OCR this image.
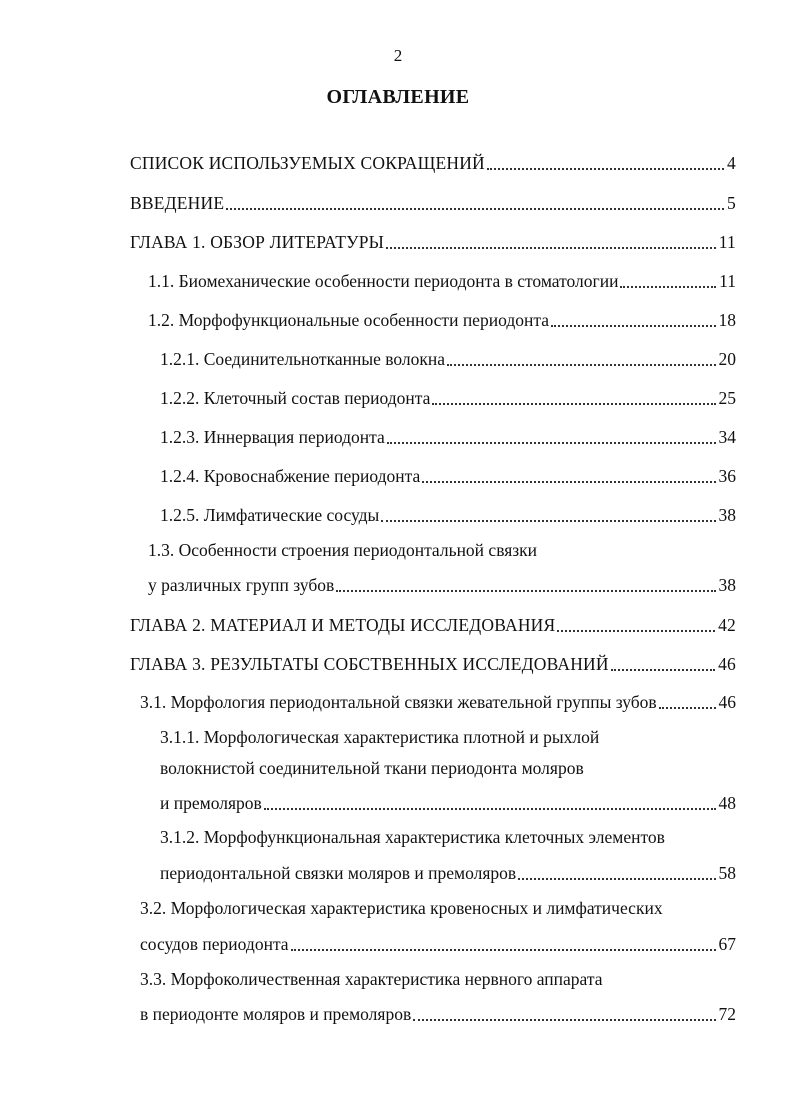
2
ОГЛАВЛЕНИЕ
СПИСОК ИСПОЛЬЗУЕМЫХ СОКРАЩЕНИЙ	4
ВВЕДЕНИЕ	5
ГЛАВА 1. ОБЗОР ЛИТЕРАТУРЫ	11
1.1. Биомеханические особенности периодонта в стоматологии	11
1.2. Морфофункциональные особенности периодонта	18
1.2.1. Соединительнотканные волокна	20
1.2.2. Клеточный состав периодонта	25
1.2.3. Иннервация периодонта	34
1.2.4. Кровоснабжение периодонта	36
1.2.5. Лимфатические сосуды	38
1.3. Особенности строения периодонтальной связки
у различных групп зубов	38
ГЛАВА 2. МАТЕРИАЛ И МЕТОДЫ ИССЛЕДОВАНИЯ	42
ГЛАВА 3. РЕЗУЛЬТАТЫ СОБСТВЕННЫХ ИССЛЕДОВАНИЙ	46
3.1. Морфология периодонтальной связки жевательной группы зубов	46
3.1.1. Морфологическая характеристика плотной и рыхлой
волокнистой соединительной ткани периодонта моляров
и премоляров	48
3.1.2. Морфофункциональная характеристика клеточных элементов
периодонтальной связки моляров и премоляров	58
3.2. Морфологическая характеристика кровеносных и лимфатических
сосудов периодонта	67
3.3. Морфоколичественная характеристика нервного аппарата
в периодонте моляров и премоляров	72
